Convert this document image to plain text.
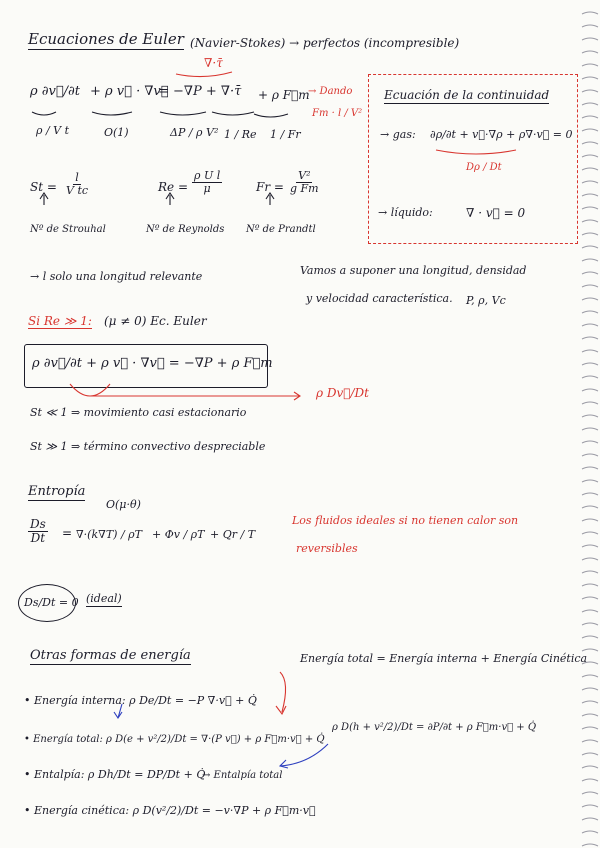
Ecuaciones de Euler (Navier-Stokes) → perfectos (incompresible)
∇·τ̄
ρ ∂v⃗/∂t + ρ v⃗ · ∇v⃗
= −∇P + ∇·τ̄ + ρ F⃗m
→ Dando
Fm · l / V²
ρ / V t	O(1)	ΔP / ρ V² 1 / Re 1 / Fr
$St = \frac{l}{\text{V tc}}$	$Re = \frac{\text{ρ U l}}{\mu}$	$Fr = \frac{\text{V²}}{\text{g Fm}}$
Nº de Strouhal	Nº de Reynolds Nº de Prandtl
Ecuación de la continuidad
→ gas: ∂ρ/∂t + v⃗·∇ρ + ρ∇·v⃗ = 0
Dρ / Dt
→ líquido:	∇ · v⃗ = 0
→ l solo una longitud relevante	Vamos a suponer una longitud, densidad
y velocidad característica. P, ρ, Vc
Si Re ≫ 1: (μ ≠ 0) Ec. Euler
ρ ∂v⃗/∂t + ρ v⃗ · ∇v⃗ = −∇P + ρ F⃗m
ρ Dv⃗/Dt
St ≪ 1 ⇒ movimiento casi estacionario
St ≫ 1 ⇒ término convectivo despreciable
Entropía
$\frac{Ds}{Dt}$ =
O(μ·θ)
∇·(k∇T) / ρT + Φv / ρT + Qr / T
Los fluidos ideales si no tienen calor son
reversibles
Ds/Dt = 0 (ideal)
Otras formas de energía	Energía total = Energía interna + Energía Cinética
• Energía interna: ρ De/Dt = −P ∇·v⃗ + Q̇
• Energía total: ρ D(e + v²/2)/Dt = ∇·(P v⃗) + ρ F⃗m·v⃗ + Q̇
ρ D(h + v²/2)/Dt = ∂P/∂t + ρ F⃗m·v⃗ + Q̇
• Entalpía: ρ Dh/Dt = DP/Dt + Q̇
→ Entalpía total
• Energía cinética: ρ D(v²/2)/Dt = −v·∇P + ρ F⃗m·v⃗
